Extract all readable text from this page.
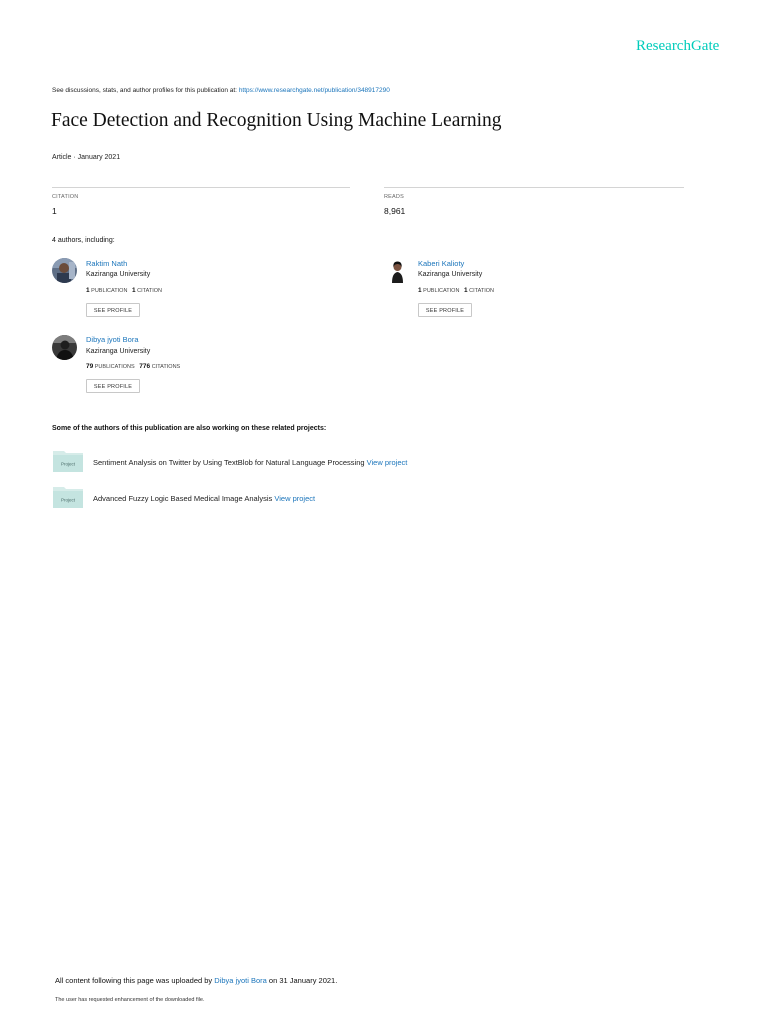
ResearchGate
See discussions, stats, and author profiles for this publication at: https://www.researchgate.net/publication/348917290
Face Detection and Recognition Using Machine Learning
Article · January 2021
CITATION
1
READS
8,961
4 authors, including:
Raktim Nath
Kaziranga University
1 PUBLICATION 1 CITATION
SEE PROFILE
Kaberi Kalioty
Kaziranga University
1 PUBLICATION 1 CITATION
SEE PROFILE
Dibya jyoti Bora
Kaziranga University
79 PUBLICATIONS 776 CITATIONS
SEE PROFILE
Some of the authors of this publication are also working on these related projects:
Project Sentiment Analysis on Twitter by Using TextBlob for Natural Language Processing View project
Project Advanced Fuzzy Logic Based Medical Image Analysis View project
All content following this page was uploaded by Dibya jyoti Bora on 31 January 2021.
The user has requested enhancement of the downloaded file.
